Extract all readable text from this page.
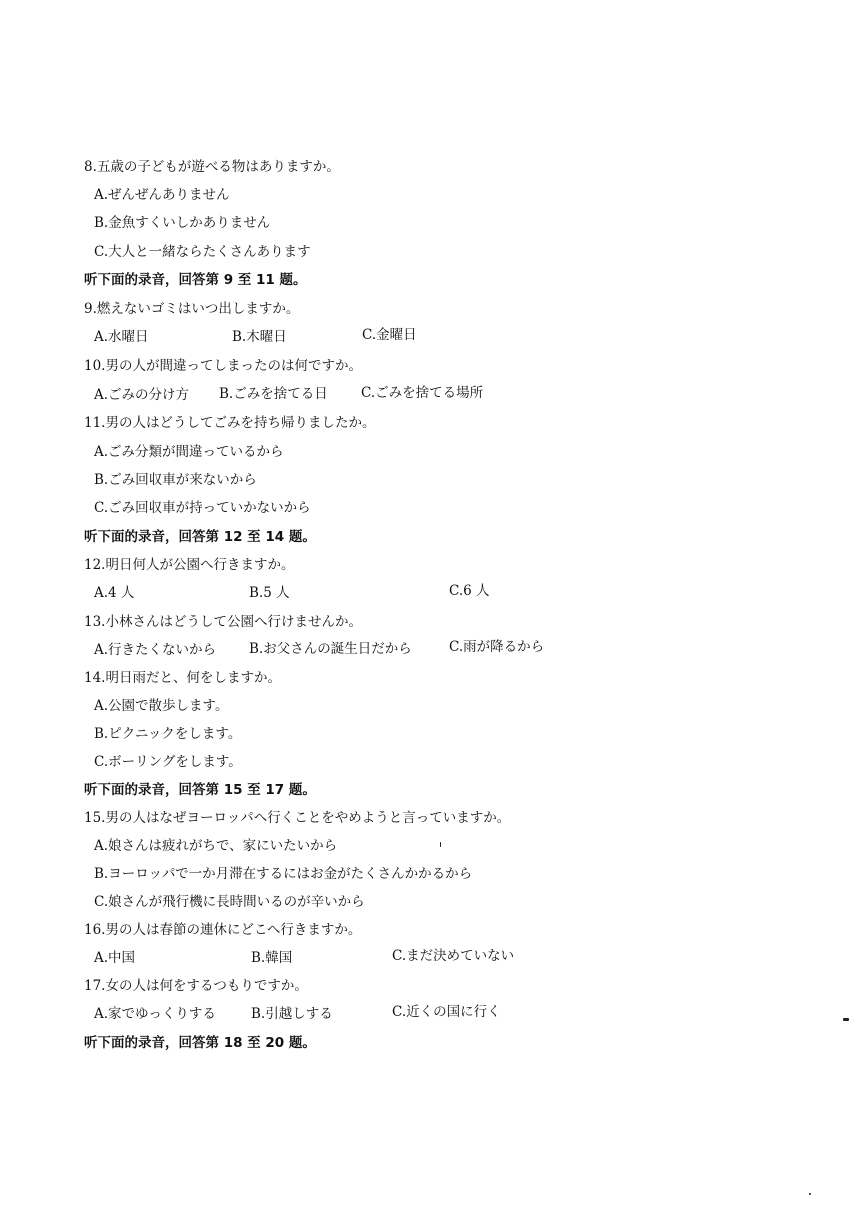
8.五歳の子どもが遊べる物はありますか。
A.ぜんぜんありません
B.金魚すくいしかありません
C.大人と一緒ならたくさんあります
听下面的录音，回答第 9 至 11 题。
9.燃えないゴミはいつ出しますか。
A.水曜日	B.木曜日	C.金曜日
10.男の人が間違ってしまったのは何ですか。
A.ごみの分け方 B.ごみを捨てる日 C.ごみを捨てる場所
11.男の人はどうしてごみを持ち帰りましたか。
A.ごみ分類が間違っているから
B.ごみ回収車が来ないから
C.ごみ回収車が持っていかないから
听下面的录音，回答第 12 至 14 题。
12.明日何人が公園へ行きますか。
A.4 人	B.5 人	C.6 人
13.小林さんはどうして公園へ行けませんか。
A.行きたくないから B.お父さんの誕生日だから	C.雨が降るから
14.明日雨だと、何をしますか。
A.公園で散歩します。
B.ピクニックをします。
C.ボーリングをします。
听下面的录音，回答第 15 至 17 题。
15.男の人はなぜヨーロッパへ行くことをやめようと言っていますか。
A.娘さんは疲れがちで、家にいたいから
B.ヨーロッパで一か月滞在するにはお金がたくさんかかるから
C.娘さんが飛行機に長時間いるのが辛いから
16.男の人は春節の連休にどこへ行きますか。
A.中国	B.韓国	C.まだ決めていない
17.女の人は何をするつもりですか。
A.家でゆっくりする	B.引越しする	C.近くの国に行く
听下面的录音，回答第 18 至 20 题。
